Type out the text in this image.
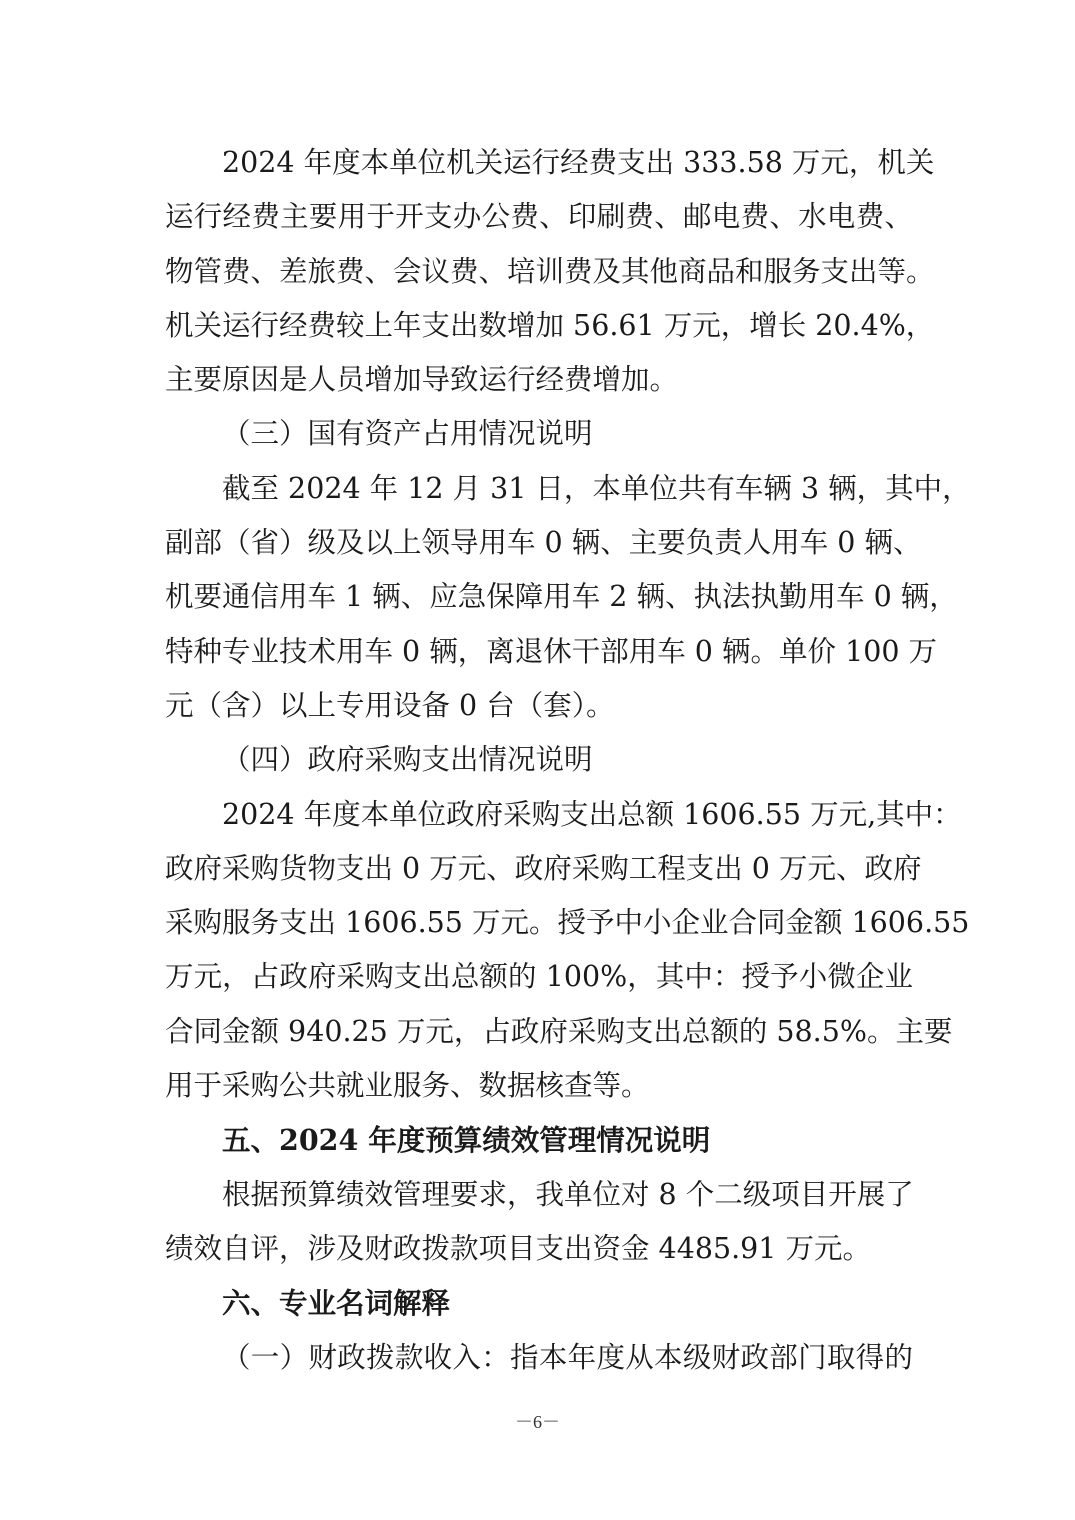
2024 年度本单位机关运行经费支出 333.58 万元，机关
运行经费主要用于开支办公费、印刷费、邮电费、水电费、
物管费、差旅费、会议费、培训费及其他商品和服务支出等。
机关运行经费较上年支出数增加 56.61 万元，增长 20.4%，
主要原因是人员增加导致运行经费增加。
（三）国有资产占用情况说明
截至 2024 年 12 月 31 日，本单位共有车辆 3 辆，其中，
副部（省）级及以上领导用车 0 辆、主要负责人用车 0 辆、
机要通信用车 1 辆、应急保障用车 2 辆、执法执勤用车 0 辆，
特种专业技术用车 0 辆，离退休干部用车 0 辆。单价 100 万
元（含）以上专用设备 0 台（套）。
（四）政府采购支出情况说明
2024 年度本单位政府采购支出总额 1606.55 万元,其中：
政府采购货物支出 0 万元、政府采购工程支出 0 万元、政府
采购服务支出 1606.55 万元。授予中小企业合同金额 1606.55
万元，占政府采购支出总额的 100%，其中：授予小微企业
合同金额 940.25 万元，占政府采购支出总额的 58.5%。主要
用于采购公共就业服务、数据核查等。
五、2024 年度预算绩效管理情况说明
根据预算绩效管理要求，我单位对 8 个二级项目开展了
绩效自评，涉及财政拨款项目支出资金 4485.91 万元。
六、专业名词解释
（一）财政拨款收入：指本年度从本级财政部门取得的
－6－
